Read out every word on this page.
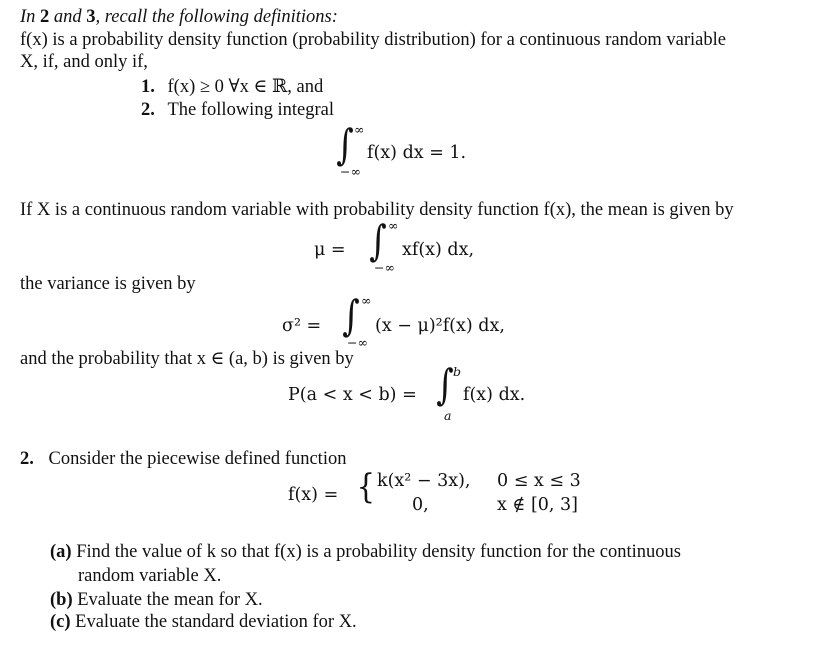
In 2 and 3, recall the following definitions:
f(x) is a probability density function (probability distribution) for a continuous random variable
X, if, and only if,
1. f(x) ≥ 0 ∀x ∈ ℝ, and
2. The following integral
∫ ∞
−∞
f(x) dx = 1.
If X is a continuous random variable with probability density function f(x), the mean is given by
μ = ∫ ∞
−∞
xf(x) dx,
the variance is given by
σ² = ∫ ∞
−∞
(x − μ)²f(x) dx,
and the probability that x ∈ (a, b) is given by
P(a < x < b) = ∫ b
a
f(x) dx.
2. Consider the piecewise defined function
f(x) = { k(x² − 3x), 0 ≤ x ≤ 3
0,	x ∉ [0, 3]
(a) Find the value of k so that f(x) is a probability density function for the continuous
random variable X.
(b) Evaluate the mean for X.
(c) Evaluate the standard deviation for X.
